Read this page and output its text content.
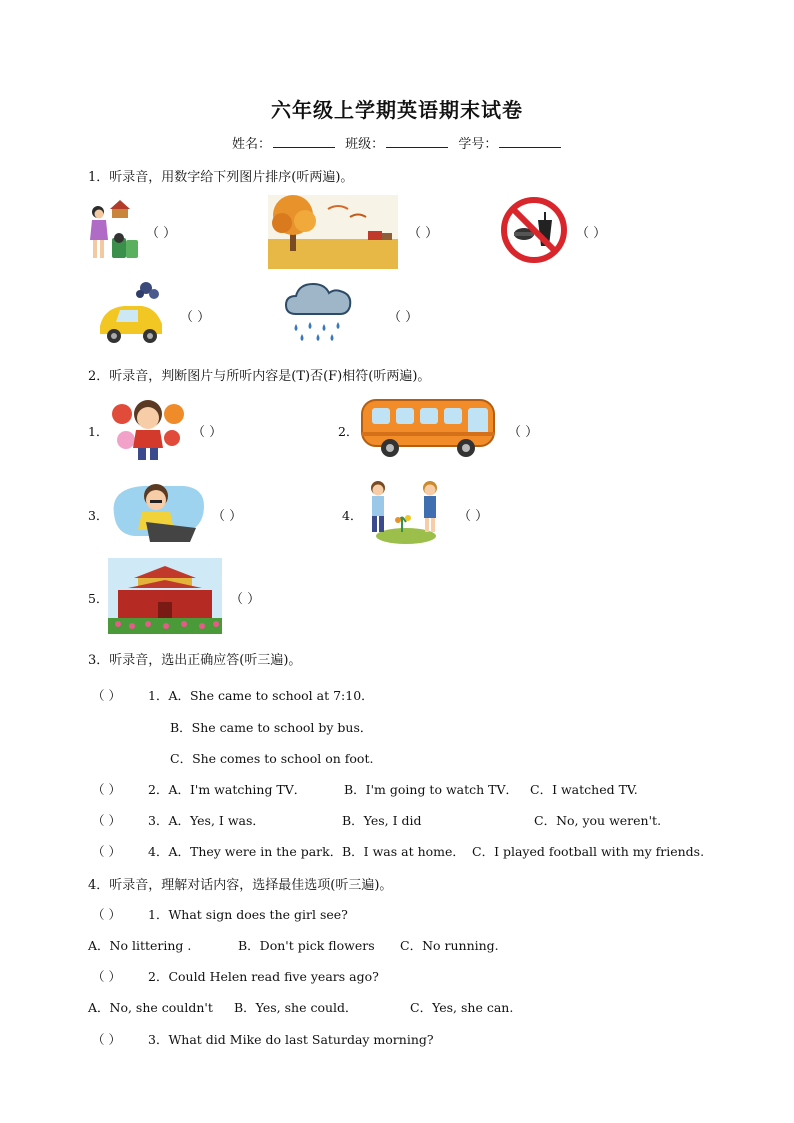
六年级上学期英语期末试卷
姓名：	班级：	学号：
1．听录音，用数字给下列图片排序(听两遍)。
（ ）	（ ）	（ ）
（ ）	（ ）
2．听录音，判断图片与所听内容是(T)否(F)相符(听两遍)。
1．	（ ）	2．	（ ）
3．	（ ）	4．	（ ）
5．	（ ）
3．听录音，选出正确应答(听三遍)。
（ ） 1．A．She came to school at 7:10．
B．She came to school by bus．
C．She comes to school on foot.
（ ） 2．A．I'm watching TV．	B．I'm going to watch TV． C．I watched TV.
（ ） 3．A．Yes, I was．	B．Yes, I did	C．No, you weren't.
（ ） 4．A．They were in the park． B．I was at home． C．I played football with my friends.
4．听录音，理解对话内容，选择最佳选项(听三遍)。
（ ） 1．What sign does the girl see?
A．No littering .	B．Don't pick flowers C．No running.
（ ） 2．Could Helen read five years ago?
A．No, she couldn't B．Yes, she could．	C．Yes, she can.
（ ） 3．What did Mike do last Saturday morning?
